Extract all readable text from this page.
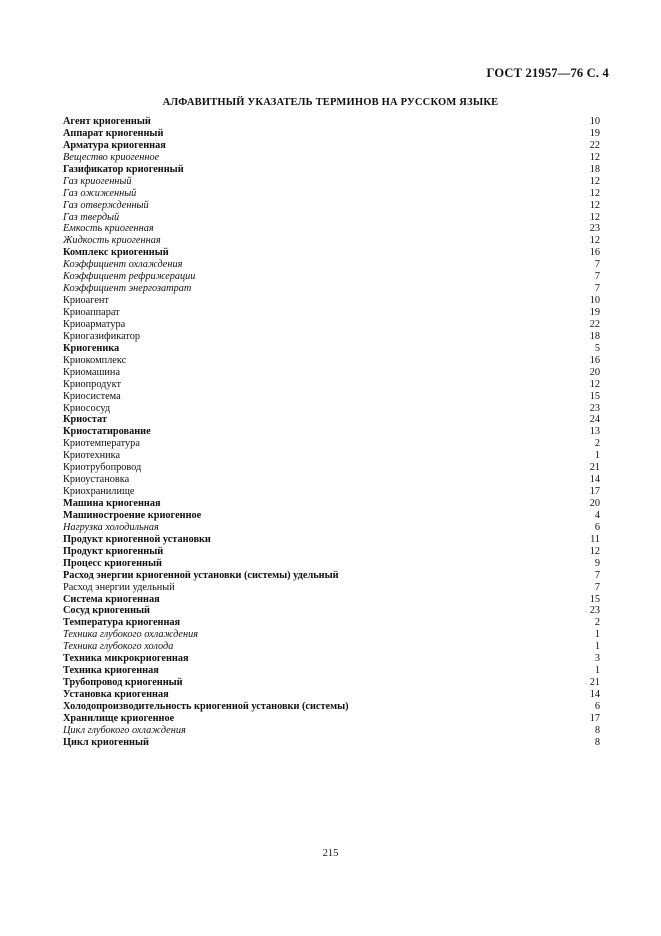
ГОСТ 21957—76 С. 4
АЛФАВИТНЫЙ УКАЗАТЕЛЬ ТЕРМИНОВ НА РУССКОМ ЯЗЫКЕ
Агент криогенный	10
Аппарат криогенный	19
Арматура криогенная	22
Вещество криогенное	12
Газификатор криогенный	18
Газ криогенный	12
Газ ожиженный	12
Газ отвержденный	12
Газ твердый	12
Емкость криогенная	23
Жидкость криогенная	12
Комплекс криогенный	16
Коэффициент охлаждения	7
Коэффициент рефрижерации	7
Коэффициент энергозатрат	7
Криоагент	10
Криоаппарат	19
Криоарматура	22
Криогазификатор	18
Криогеника	5
Криокомплекс	16
Криомашина	20
Криопродукт	12
Криосистема	15
Криососуд	23
Криостат	24
Криостатирование	13
Криотемпература	2
Криотехника	1
Криотрубопровод	21
Криоустановка	14
Криохранилище	17
Машина криогенная	20
Машиностроение криогенное	4
Нагрузка холодильная	6
Продукт криогенной установки	11
Продукт криогенный	12
Процесс криогенный	9
Расход энергии криогенной установки (системы) удельный	7
Расход энергии удельный	7
Система криогенная	15
Сосуд криогенный	23
Температура криогенная	2
Техника глубокого охлаждения	1
Техника глубокого холода	1
Техника микрокриогенная	3
Техника криогенная	1
Трубопровод криогенный	21
Установка криогенная	14
Холодопроизводительность криогенной установки (системы)	6
Хранилище криогенное	17
Цикл глубокого охлаждения	8
Цикл криогенный	8
215
